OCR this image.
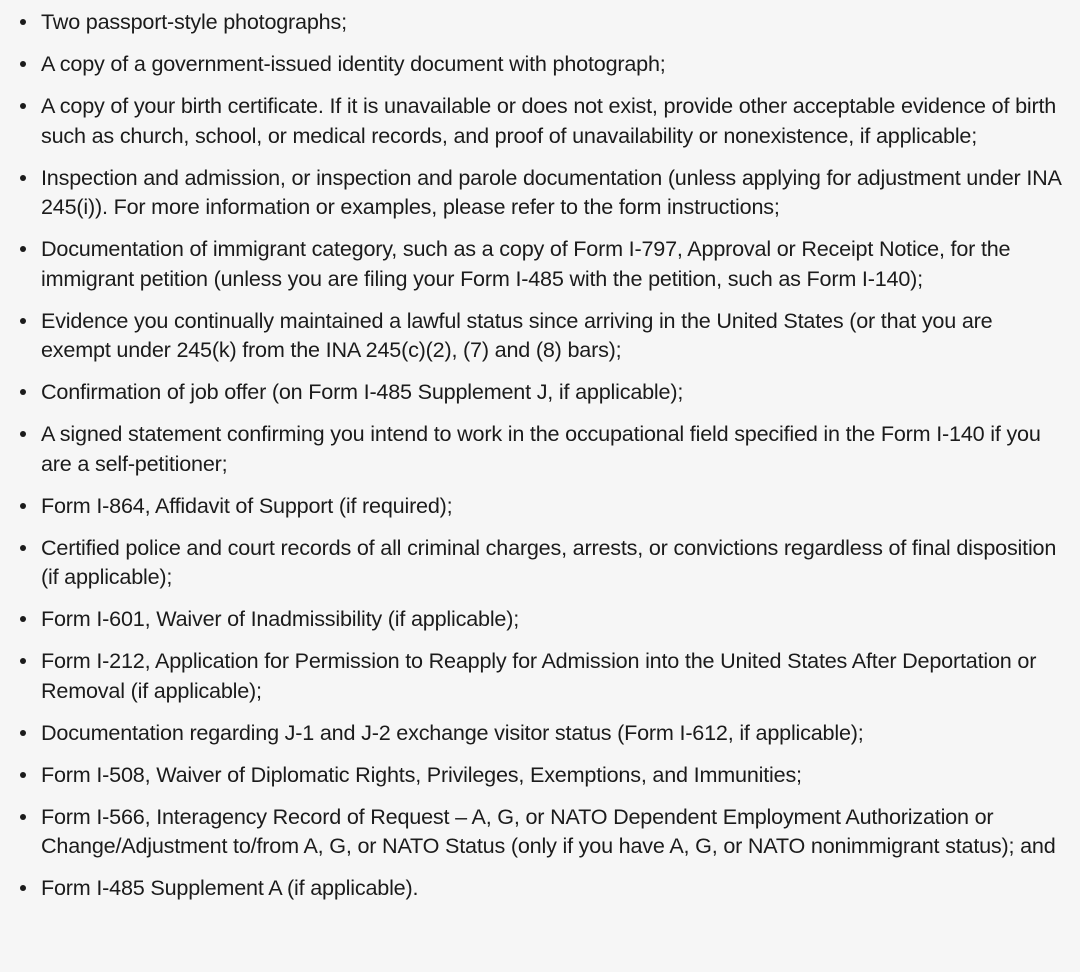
Two passport-style photographs;
A copy of a government-issued identity document with photograph;
A copy of your birth certificate. If it is unavailable or does not exist, provide other acceptable evidence of birth such as church, school, or medical records, and proof of unavailability or nonexistence, if applicable;
Inspection and admission, or inspection and parole documentation (unless applying for adjustment under INA 245(i)). For more information or examples, please refer to the form instructions;
Documentation of immigrant category, such as a copy of Form I-797, Approval or Receipt Notice, for the immigrant petition (unless you are filing your Form I-485 with the petition, such as Form I-140);
Evidence you continually maintained a lawful status since arriving in the United States (or that you are exempt under 245(k) from the INA 245(c)(2), (7) and (8) bars);
Confirmation of job offer (on Form I-485 Supplement J, if applicable);
A signed statement confirming you intend to work in the occupational field specified in the Form I-140 if you are a self-petitioner;
Form I-864, Affidavit of Support (if required);
Certified police and court records of all criminal charges, arrests, or convictions regardless of final disposition (if applicable);
Form I-601, Waiver of Inadmissibility (if applicable);
Form I-212, Application for Permission to Reapply for Admission into the United States After Deportation or Removal (if applicable);
Documentation regarding J-1 and J-2 exchange visitor status (Form I-612, if applicable);
Form I-508, Waiver of Diplomatic Rights, Privileges, Exemptions, and Immunities;
Form I-566, Interagency Record of Request – A, G, or NATO Dependent Employment Authorization or Change/Adjustment to/from A, G, or NATO Status (only if you have A, G, or NATO nonimmigrant status); and
Form I-485 Supplement A (if applicable).
